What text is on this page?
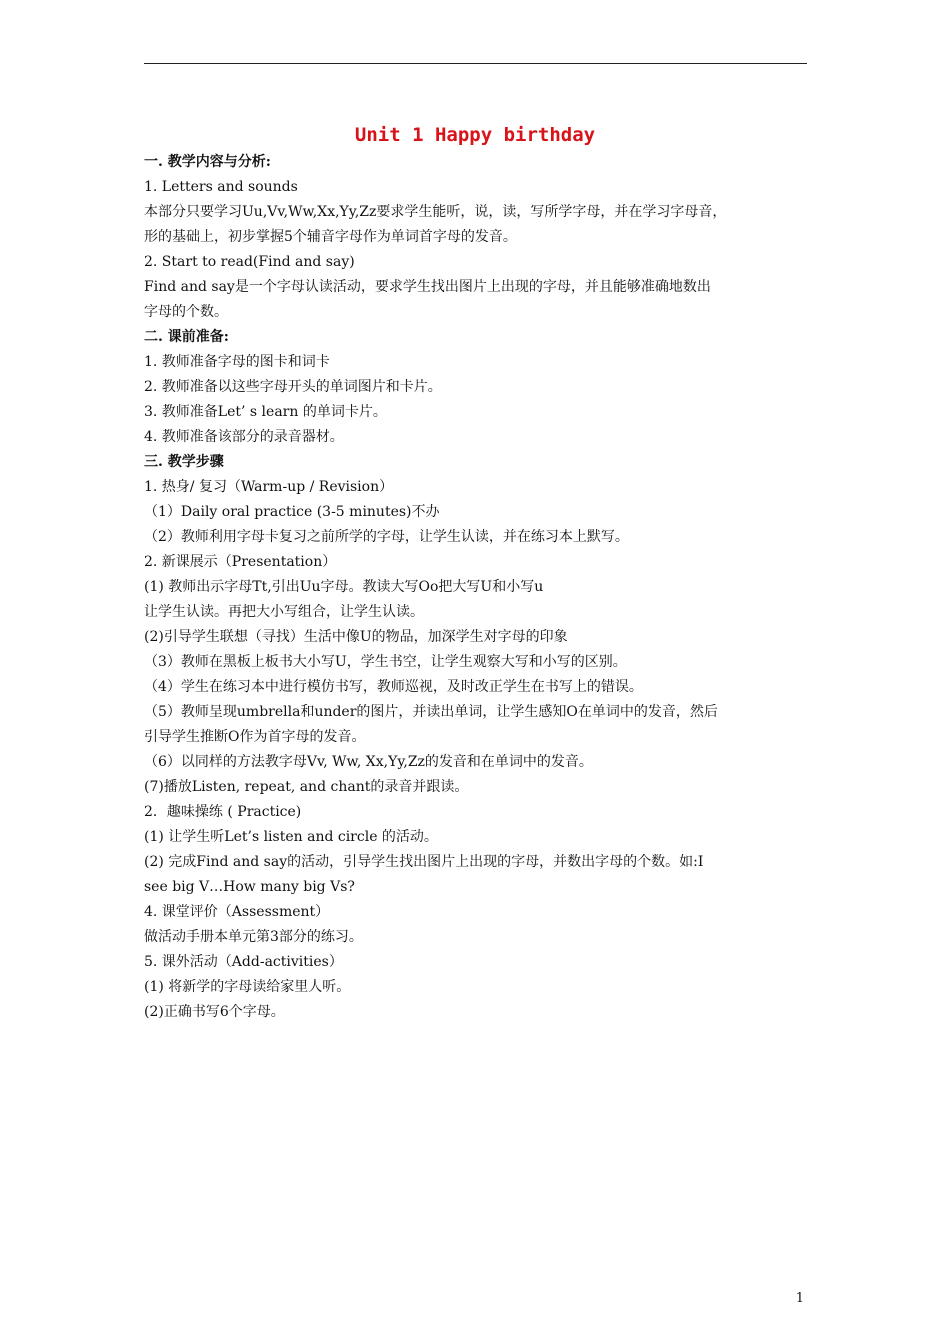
Unit 1 Happy birthday
一. 教学内容与分析:
1. Letters and sounds
本部分只要学习Uu,Vv,Ww,Xx,Yy,Zz要求学生能听，说，读，写所学字母，并在学习字母音，
形的基础上，初步掌握5个辅音字母作为单词首字母的发音。
2. Start to read(Find and say)
Find and say是一个字母认读活动，要求学生找出图片上出现的字母，并且能够准确地数出
字母的个数。
二. 课前准备:
1. 教师准备字母的图卡和词卡
2. 教师准备以这些字母开头的单词图片和卡片。
3. 教师准备Let’ s learn 的单词卡片。
4. 教师准备该部分的录音器材。
三. 教学步骤
1. 热身/ 复习（Warm-up / Revision）
（1）Daily oral practice (3-5 minutes)不办
（2）教师利用字母卡复习之前所学的字母，让学生认读，并在练习本上默写。
2. 新课展示（Presentation）
(1) 教师出示字母Tt,引出Uu字母。教读大写Oo把大写U和小写u
让学生认读。再把大小写组合，让学生认读。
(2)引导学生联想（寻找）生活中像U的物品，加深学生对字母的印象
（3）教师在黑板上板书大小写U，学生书空，让学生观察大写和小写的区别。
（4）学生在练习本中进行模仿书写，教师巡视，及时改正学生在书写上的错误。
（5）教师呈现umbrella和under的图片，并读出单词，让学生感知O在单词中的发音，然后
引导学生推断O作为首字母的发音。
（6）以同样的方法教字母Vv, Ww, Xx,Yy,Zz的发音和在单词中的发音。
(7)播放Listen, repeat, and chant的录音并跟读。
2．趣味操练 ( Practice)
(1) 让学生听Let’s listen and circle 的活动。
(2) 完成Find and say的活动，引导学生找出图片上出现的字母，并数出字母的个数。如:I
see big V…How many big Vs?
4. 课堂评价（Assessment）
做活动手册本单元第3部分的练习。
5. 课外活动（Add-activities）
(1) 将新学的字母读给家里人听。
(2)正确书写6个字母。
1
